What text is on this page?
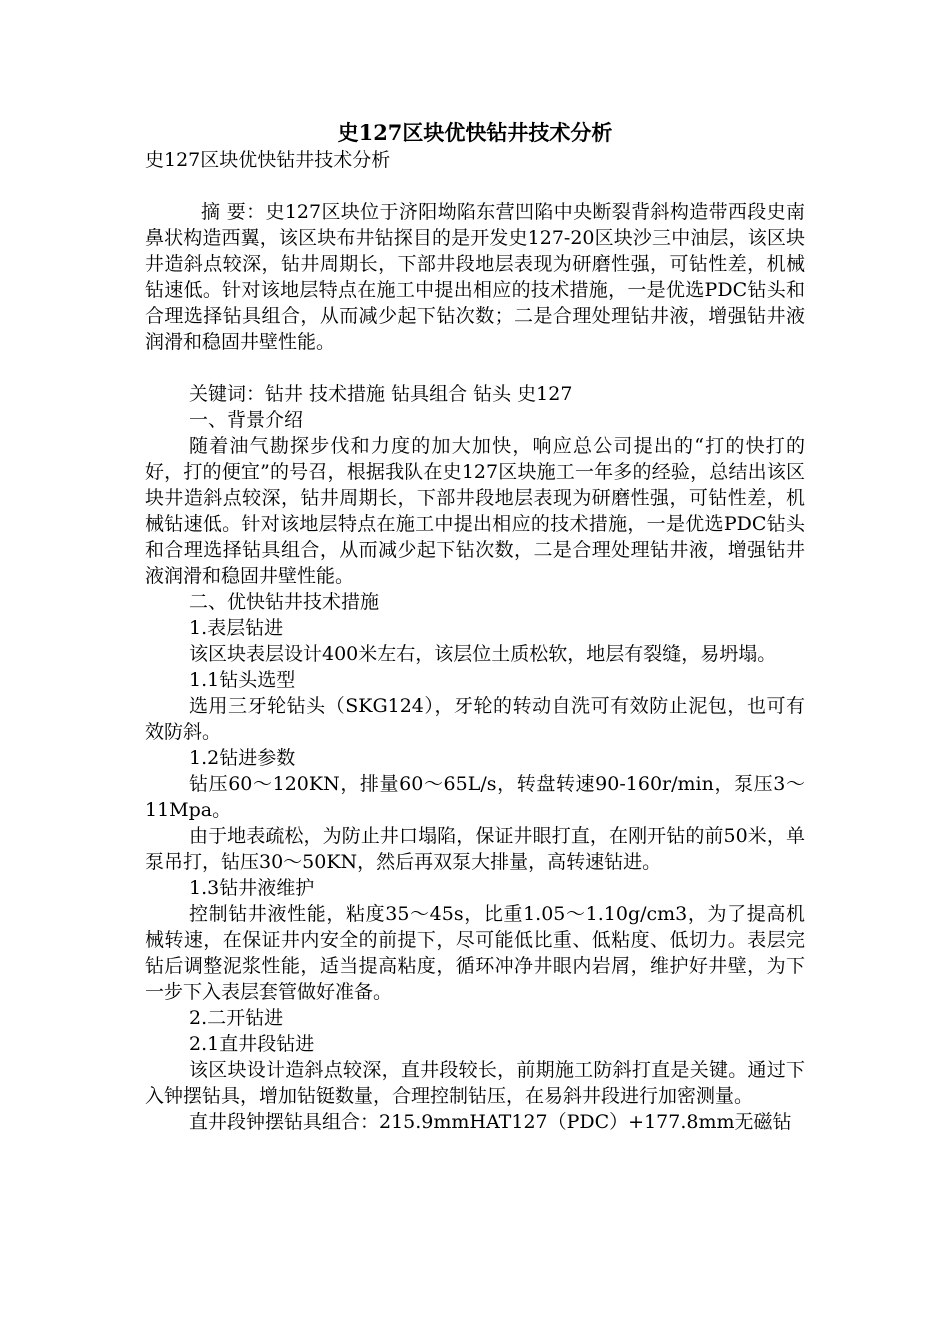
史127区块优快钻井技术分析

史127区块优快钻井技术分析

摘 要：史127区块位于济阳坳陷东营凹陷中央断裂背斜构造带西段史南鼻状构造西翼，该区块布井钻探目的是开发史127-20区块沙三中油层，该区块井造斜点较深，钻井周期长，下部井段地层表现为研磨性强，可钻性差，机械钻速低。针对该地层特点在施工中提出相应的技术措施，一是优选PDC钻头和合理选择钻具组合，从而减少起下钻次数；二是合理处理钻井液，增强钻井液润滑和稳固井壁性能。

关键词：钻井 技术措施 钻具组合 钻头 史127

一、背景介绍

随着油气勘探步伐和力度的加大加快，响应总公司提出的“打的快打的好，打的便宜”的号召，根据我队在史127区块施工一年多的经验，总结出该区块井造斜点较深，钻井周期长，下部井段地层表现为研磨性强，可钻性差，机械钻速低。针对该地层特点在施工中提出相应的技术措施，一是优选PDC钻头和合理选择钻具组合，从而减少起下钻次数，二是合理处理钻井液，增强钻井液润滑和稳固井壁性能。

二、优快钻井技术措施

1.表层钻进

该区块表层设计400米左右，该层位土质松软，地层有裂缝，易坍塌。

1.1钻头选型

选用三牙轮钻头（SKG124），牙轮的转动自洗可有效防止泥包，也可有效防斜。

1.2钻进参数

钻压60～120KN，排量60～65L/s，转盘转速90-160r/min，泵压3～11Mpa。

由于地表疏松，为防止井口塌陷，保证井眼打直，在刚开钻的前50米，单泵吊打，钻压30～50KN，然后再双泵大排量，高转速钻进。

1.3钻井液维护

控制钻井液性能，粘度35～45s，比重1.05～1.10g/cm3，为了提高机械转速，在保证井内安全的前提下，尽可能低比重、低粘度、低切力。表层完钻后调整泥浆性能，适当提高粘度，循环冲净井眼内岩屑，维护好井壁，为下一步下入表层套管做好准备。

2.二开钻进

2.1直井段钻进

该区块设计造斜点较深，直井段较长，前期施工防斜打直是关键。通过下入钟摆钻具，增加钻铤数量，合理控制钻压，在易斜井段进行加密测量。

直井段钟摆钻具组合：215.9mmHAT127（PDC）+177.8mm无磁钻
